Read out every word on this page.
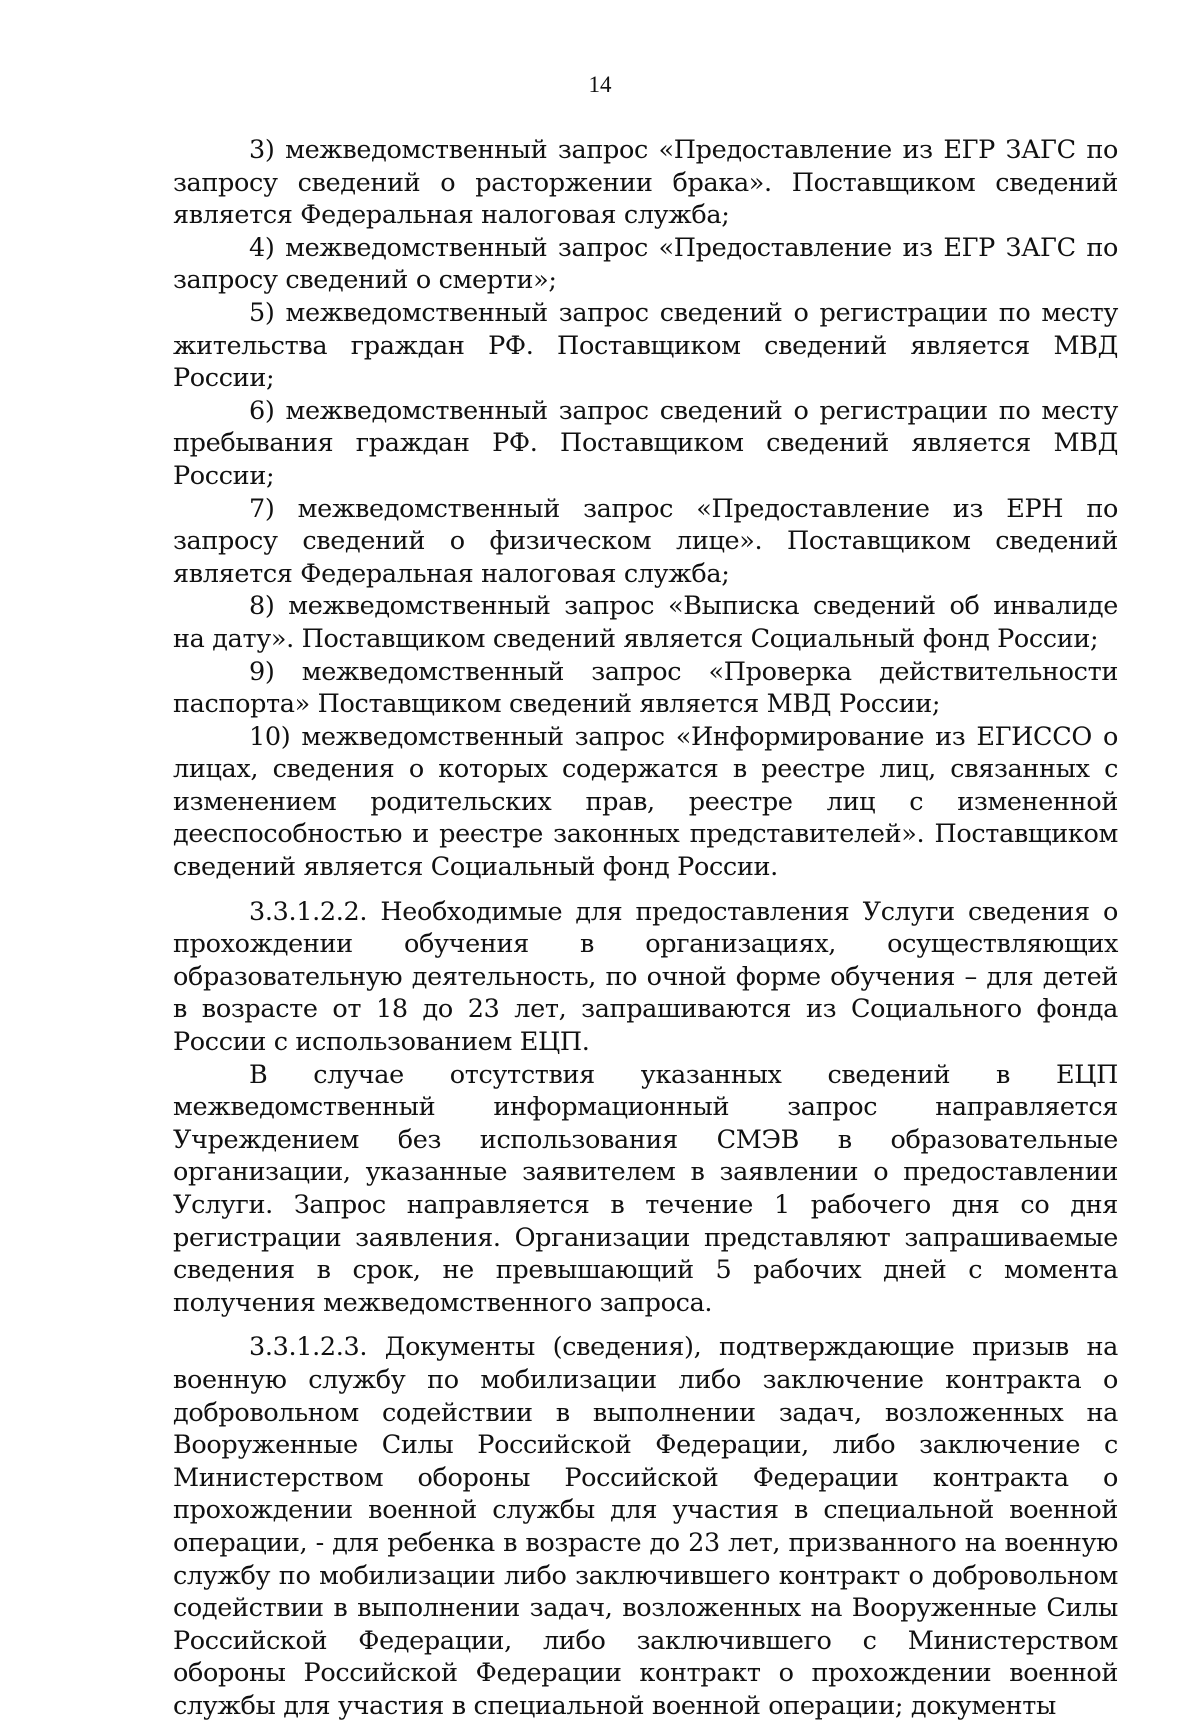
14

3) межведомственный запрос «Предоставление из ЕГР ЗАГС по запросу сведений о расторжении брака». Поставщиком сведений является Федеральная налоговая служба;

4) межведомственный запрос «Предоставление из ЕГР ЗАГС по запросу сведений о смерти»;

5) межведомственный запрос сведений о регистрации по месту жительства граждан РФ. Поставщиком сведений является МВД России;

6) межведомственный запрос сведений о регистрации по месту пребывания граждан РФ. Поставщиком сведений является МВД России;

7) межведомственный запрос «Предоставление из ЕРН по запросу сведений о физическом лице». Поставщиком сведений является Федеральная налоговая служба;

8) межведомственный запрос «Выписка сведений об инвалиде на дату». Поставщиком сведений является Социальный фонд России;

9) межведомственный запрос «Проверка действительности паспорта» Поставщиком сведений является МВД России;

10) межведомственный запрос «Информирование из ЕГИССО о лицах, сведения о которых содержатся в реестре лиц, связанных с изменением родительских прав, реестре лиц с измененной дееспособностью и реестре законных представителей». Поставщиком сведений является Социальный фонд России.

3.3.1.2.2. Необходимые для предоставления Услуги сведения о прохождении обучения в организациях, осуществляющих образовательную деятельность, по очной форме обучения – для детей в возрасте от 18 до 23 лет, запрашиваются из Социального фонда России с использованием ЕЦП.

В случае отсутствия указанных сведений в ЕЦП межведомственный информационный запрос направляется Учреждением без использования СМЭВ в образовательные организации, указанные заявителем в заявлении о предоставлении Услуги. Запрос направляется в течение 1 рабочего дня со дня регистрации заявления. Организации представляют запрашиваемые сведения в срок, не превышающий 5 рабочих дней с момента получения межведомственного запроса.

3.3.1.2.3. Документы (сведения), подтверждающие призыв на военную службу по мобилизации либо заключение контракта о добровольном содействии в выполнении задач, возложенных на Вооруженные Силы Российской Федерации, либо заключение с Министерством обороны Российской Федерации контракта о прохождении военной службы для участия в специальной военной операции, - для ребенка в возрасте до 23 лет, призванного на военную службу по мобилизации либо заключившего контракт о добровольном содействии в выполнении задач, возложенных на Вооруженные Силы Российской Федерации, либо заключившего с Министерством обороны Российской Федерации контракт о прохождении военной службы для участия в специальной военной операции; документы
